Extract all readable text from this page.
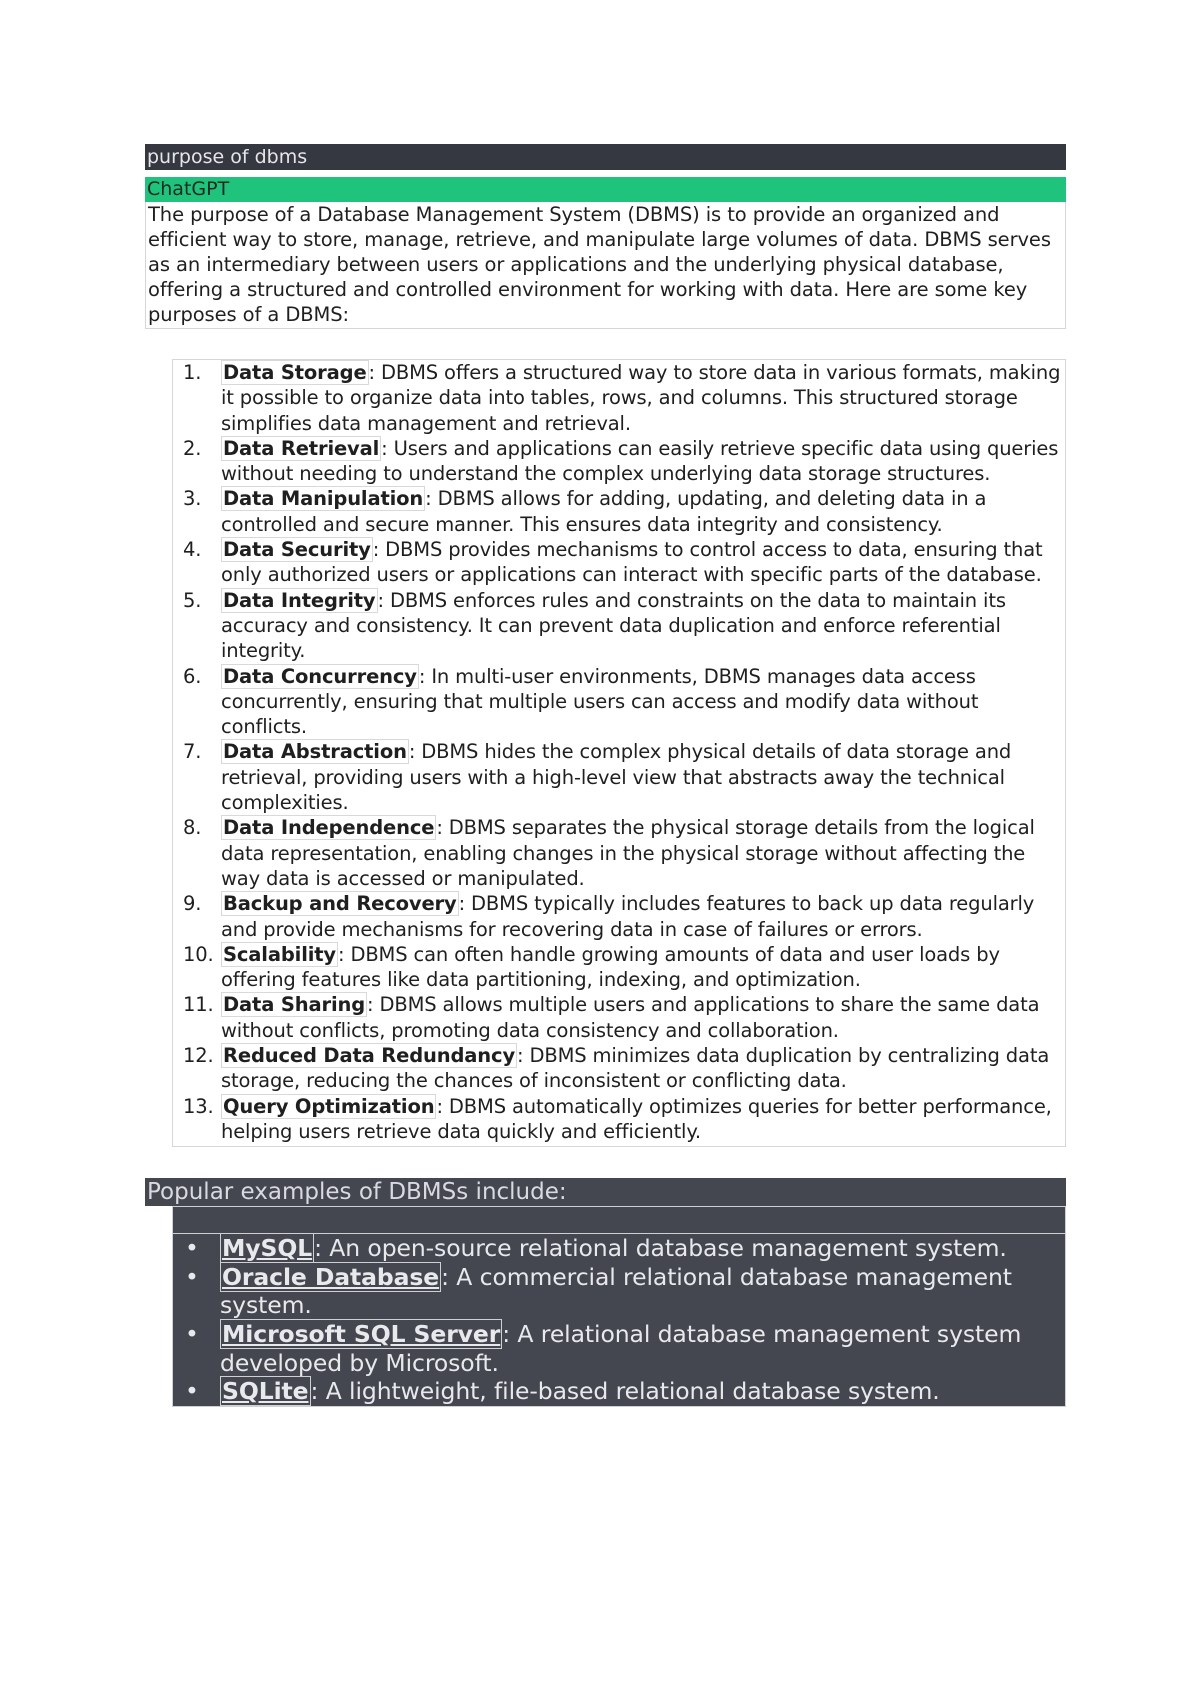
purpose of dbms
ChatGPT
The purpose of a Database Management System (DBMS) is to provide an organized and efficient way to store, manage, retrieve, and manipulate large volumes of data. DBMS serves as an intermediary between users or applications and the underlying physical database, offering a structured and controlled environment for working with data. Here are some key purposes of a DBMS:
1. Data Storage : DBMS offers a structured way to store data in various formats, making it possible to organize data into tables, rows, and columns. This structured storage simplifies data management and retrieval.
2. Data Retrieval : Users and applications can easily retrieve specific data using queries without needing to understand the complex underlying data storage structures.
3. Data Manipulation : DBMS allows for adding, updating, and deleting data in a controlled and secure manner. This ensures data integrity and consistency.
4. Data Security : DBMS provides mechanisms to control access to data, ensuring that only authorized users or applications can interact with specific parts of the database.
5. Data Integrity : DBMS enforces rules and constraints on the data to maintain its accuracy and consistency. It can prevent data duplication and enforce referential integrity.
6. Data Concurrency : In multi-user environments, DBMS manages data access concurrently, ensuring that multiple users can access and modify data without conflicts.
7. Data Abstraction : DBMS hides the complex physical details of data storage and retrieval, providing users with a high-level view that abstracts away the technical complexities.
8. Data Independence : DBMS separates the physical storage details from the logical data representation, enabling changes in the physical storage without affecting the way data is accessed or manipulated.
9. Backup and Recovery : DBMS typically includes features to back up data regularly and provide mechanisms for recovering data in case of failures or errors.
10. Scalability : DBMS can often handle growing amounts of data and user loads by offering features like data partitioning, indexing, and optimization.
11. Data Sharing : DBMS allows multiple users and applications to share the same data without conflicts, promoting data consistency and collaboration.
12. Reduced Data Redundancy : DBMS minimizes data duplication by centralizing data storage, reducing the chances of inconsistent or conflicting data.
13. Query Optimization : DBMS automatically optimizes queries for better performance, helping users retrieve data quickly and efficiently.
Popular examples of DBMSs include:
• MySQL: An open-source relational database management system.
• Oracle Database: A commercial relational database management system.
• Microsoft SQL Server: A relational database management system developed by Microsoft.
• SQLite: A lightweight, file-based relational database system.
